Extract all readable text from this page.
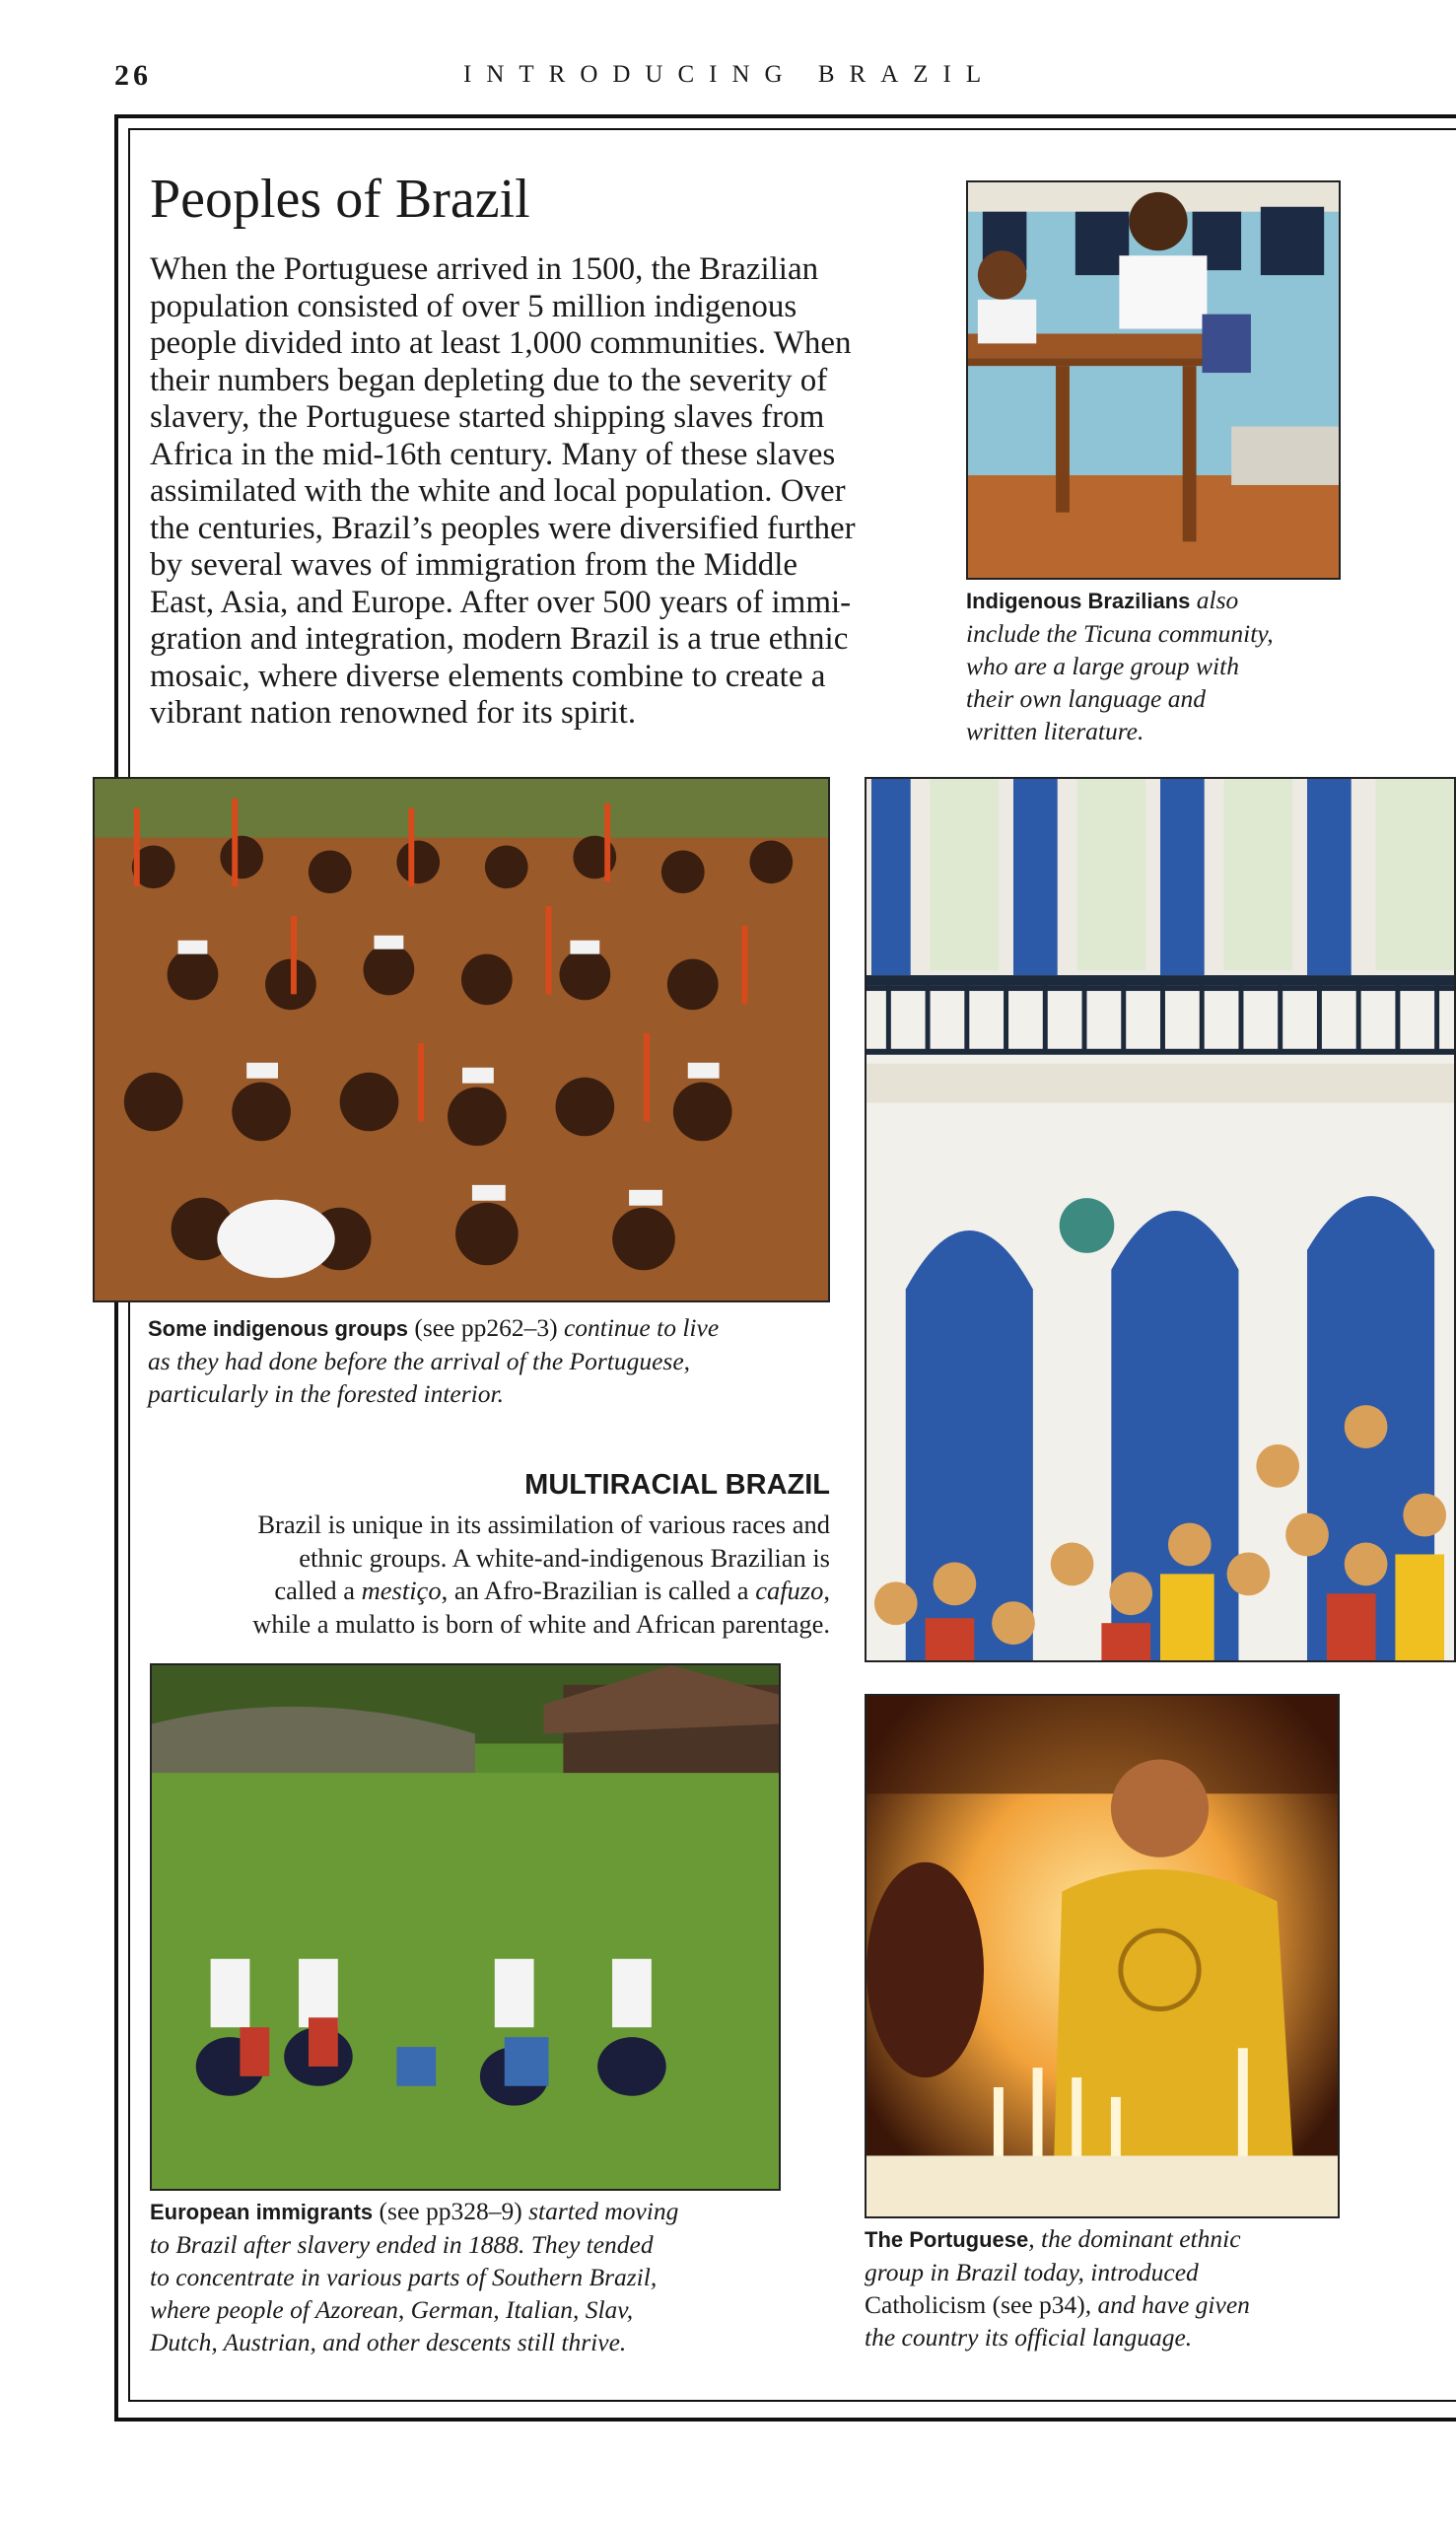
26	INTRODUCING BRAZIL
Peoples of Brazil

When the Portuguese arrived in 1500, the Brazilian
population consisted of over 5 million indigenous
people divided into at least 1,000 communities. When
their numbers began depleting due to the severity of
slavery, the Portuguese started shipping slaves from
Africa in the mid-16th century. Many of these slaves
assimilated with the white and local population. Over
the centuries, Brazil’s peoples were diversified further
by several waves of immigration from the Middle
East, Asia, and Europe. After over 500 years of immi-
gration and integration, modern Brazil is a true ethnic
mosaic, where diverse elements combine to create a
vibrant nation renowned for its spirit.

Indigenous Brazilians also
include the Ticuna community,
who are a large group with
their own language and
written literature.

Some indigenous groups (see pp262–3) continue to live
as they had done before the arrival of the Portuguese,
particularly in the forested interior.

MULTIRACIAL BRAZIL

Brazil is unique in its assimilation of various races and
ethnic groups. A white-and-indigenous Brazilian is
called a mestiço, an Afro-Brazilian is called a cafuzo,
while a mulatto is born of white and African parentage.

European immigrants (see pp328–9) started moving
to Brazil after slavery ended in 1888. They tended
to concentrate in various parts of Southern Brazil,
where people of Azorean, German, Italian, Slav,
Dutch, Austrian, and other descents still thrive.

The Portuguese, the dominant ethnic
group in Brazil today, introduced
Catholicism (see p34), and have given
the country its official language.
